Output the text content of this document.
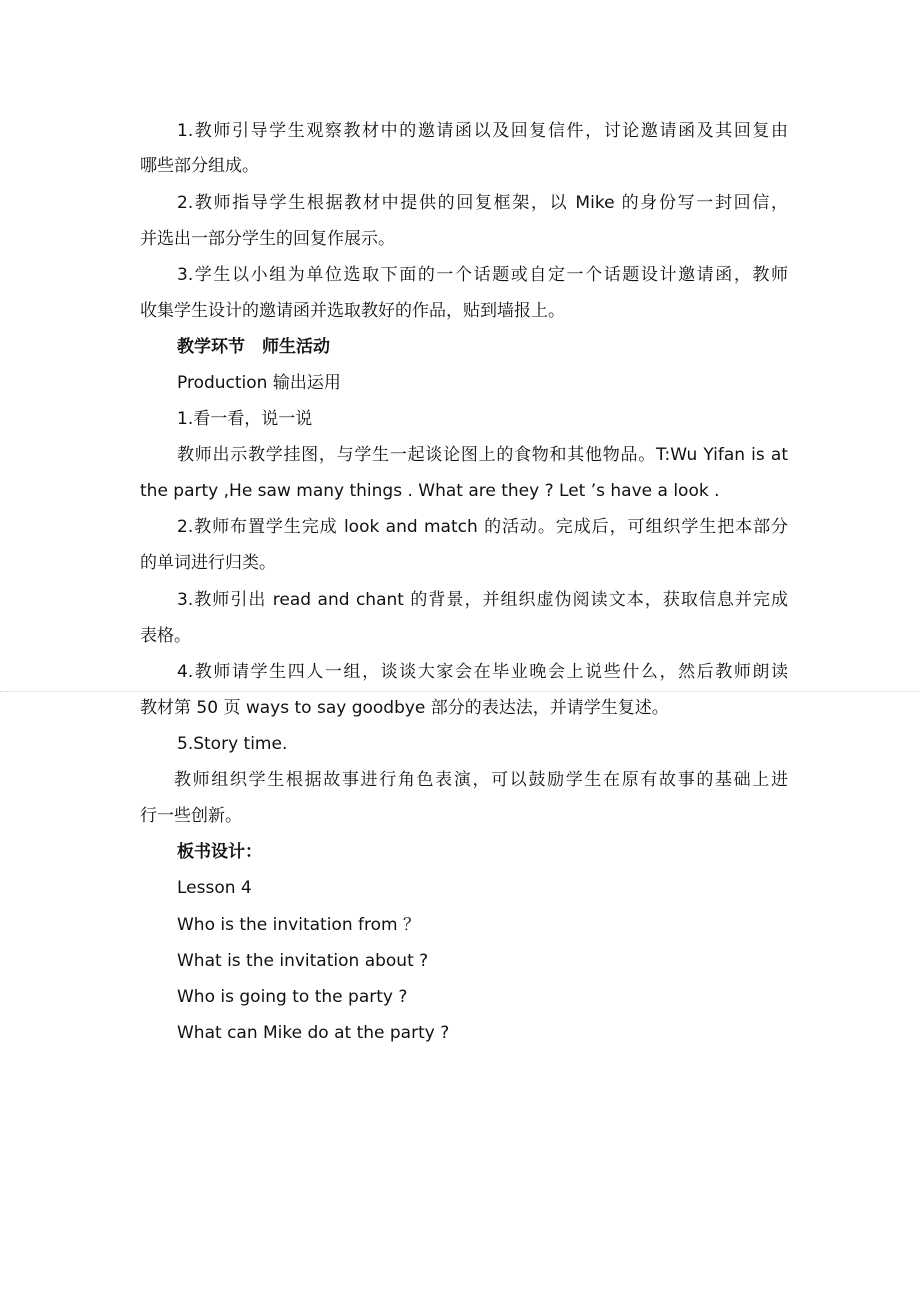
1.教师引导学生观察教材中的邀请函以及回复信件，讨论邀请函及其回复由
哪些部分组成。
2.教师指导学生根据教材中提供的回复框架，以 Mike 的身份写一封回信，
并选出一部分学生的回复作展示。
3.学生以小组为单位选取下面的一个话题或自定一个话题设计邀请函，教师
收集学生设计的邀请函并选取教好的作品，贴到墙报上。
教学环节　师生活动
Production 输出运用
1.看一看，说一说
教师出示教学挂图，与学生一起谈论图上的食物和其他物品。T:Wu Yifan is at
the party ,He saw many things . What are they ? Let ’s have a look .
2.教师布置学生完成 look and match 的活动。完成后，可组织学生把本部分
的单词进行归类。
3.教师引出 read and chant 的背景，并组织虚伪阅读文本，获取信息并完成
表格。
4.教师请学生四人一组，谈谈大家会在毕业晚会上说些什么，然后教师朗读
教材第 50 页 ways to say goodbye 部分的表达法，并请学生复述。
5.Story time.
教师组织学生根据故事进行角色表演，可以鼓励学生在原有故事的基础上进
行一些创新。
板书设计：
Lesson 4
Who is the invitation from ？
What is the invitation about ?
Who is going to the party ?
What can Mike do at the party ?
